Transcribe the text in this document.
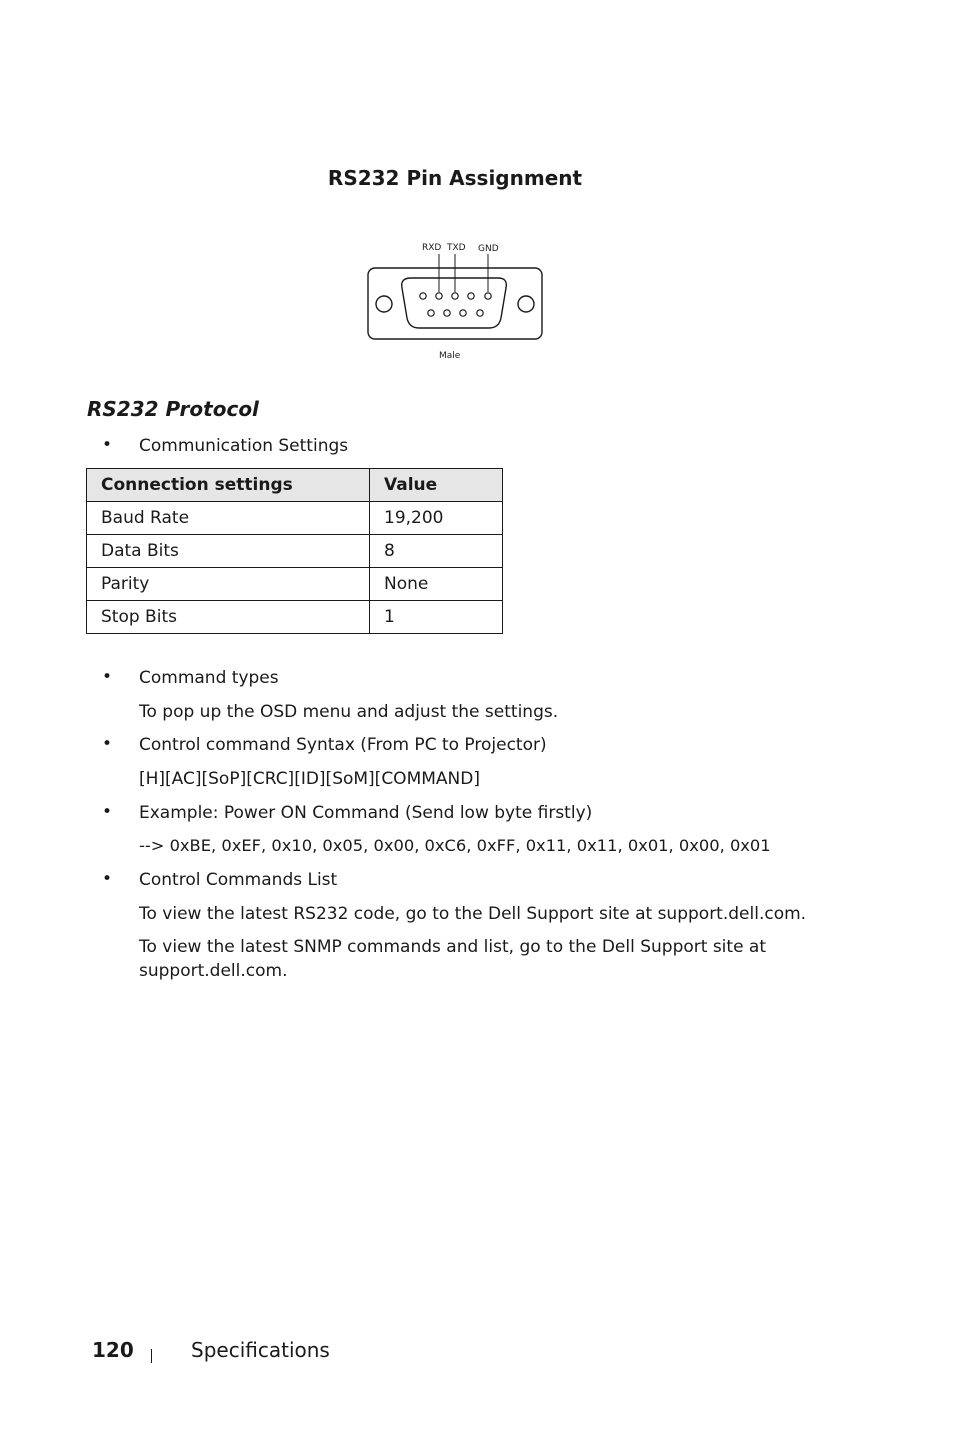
RS232 Pin Assignment
RXD TXD GND
Male
RS232 Protocol
• Communication Settings
Connection settings	Value
Baud Rate	19,200
Data Bits	8
Parity	None
Stop Bits	1
• Command types
To pop up the OSD menu and adjust the settings.
• Control command Syntax (From PC to Projector)
[H][AC][SoP][CRC][ID][SoM][COMMAND]
• Example: Power ON Command (Send low byte firstly)
--> 0xBE, 0xEF, 0x10, 0x05, 0x00, 0xC6, 0xFF, 0x11, 0x11, 0x01, 0x00, 0x01
• Control Commands List
To view the latest RS232 code, go to the Dell Support site at support.dell.com.
To view the latest SNMP commands and list, go to the Dell Support site at support.dell.com.
120	Specifications
